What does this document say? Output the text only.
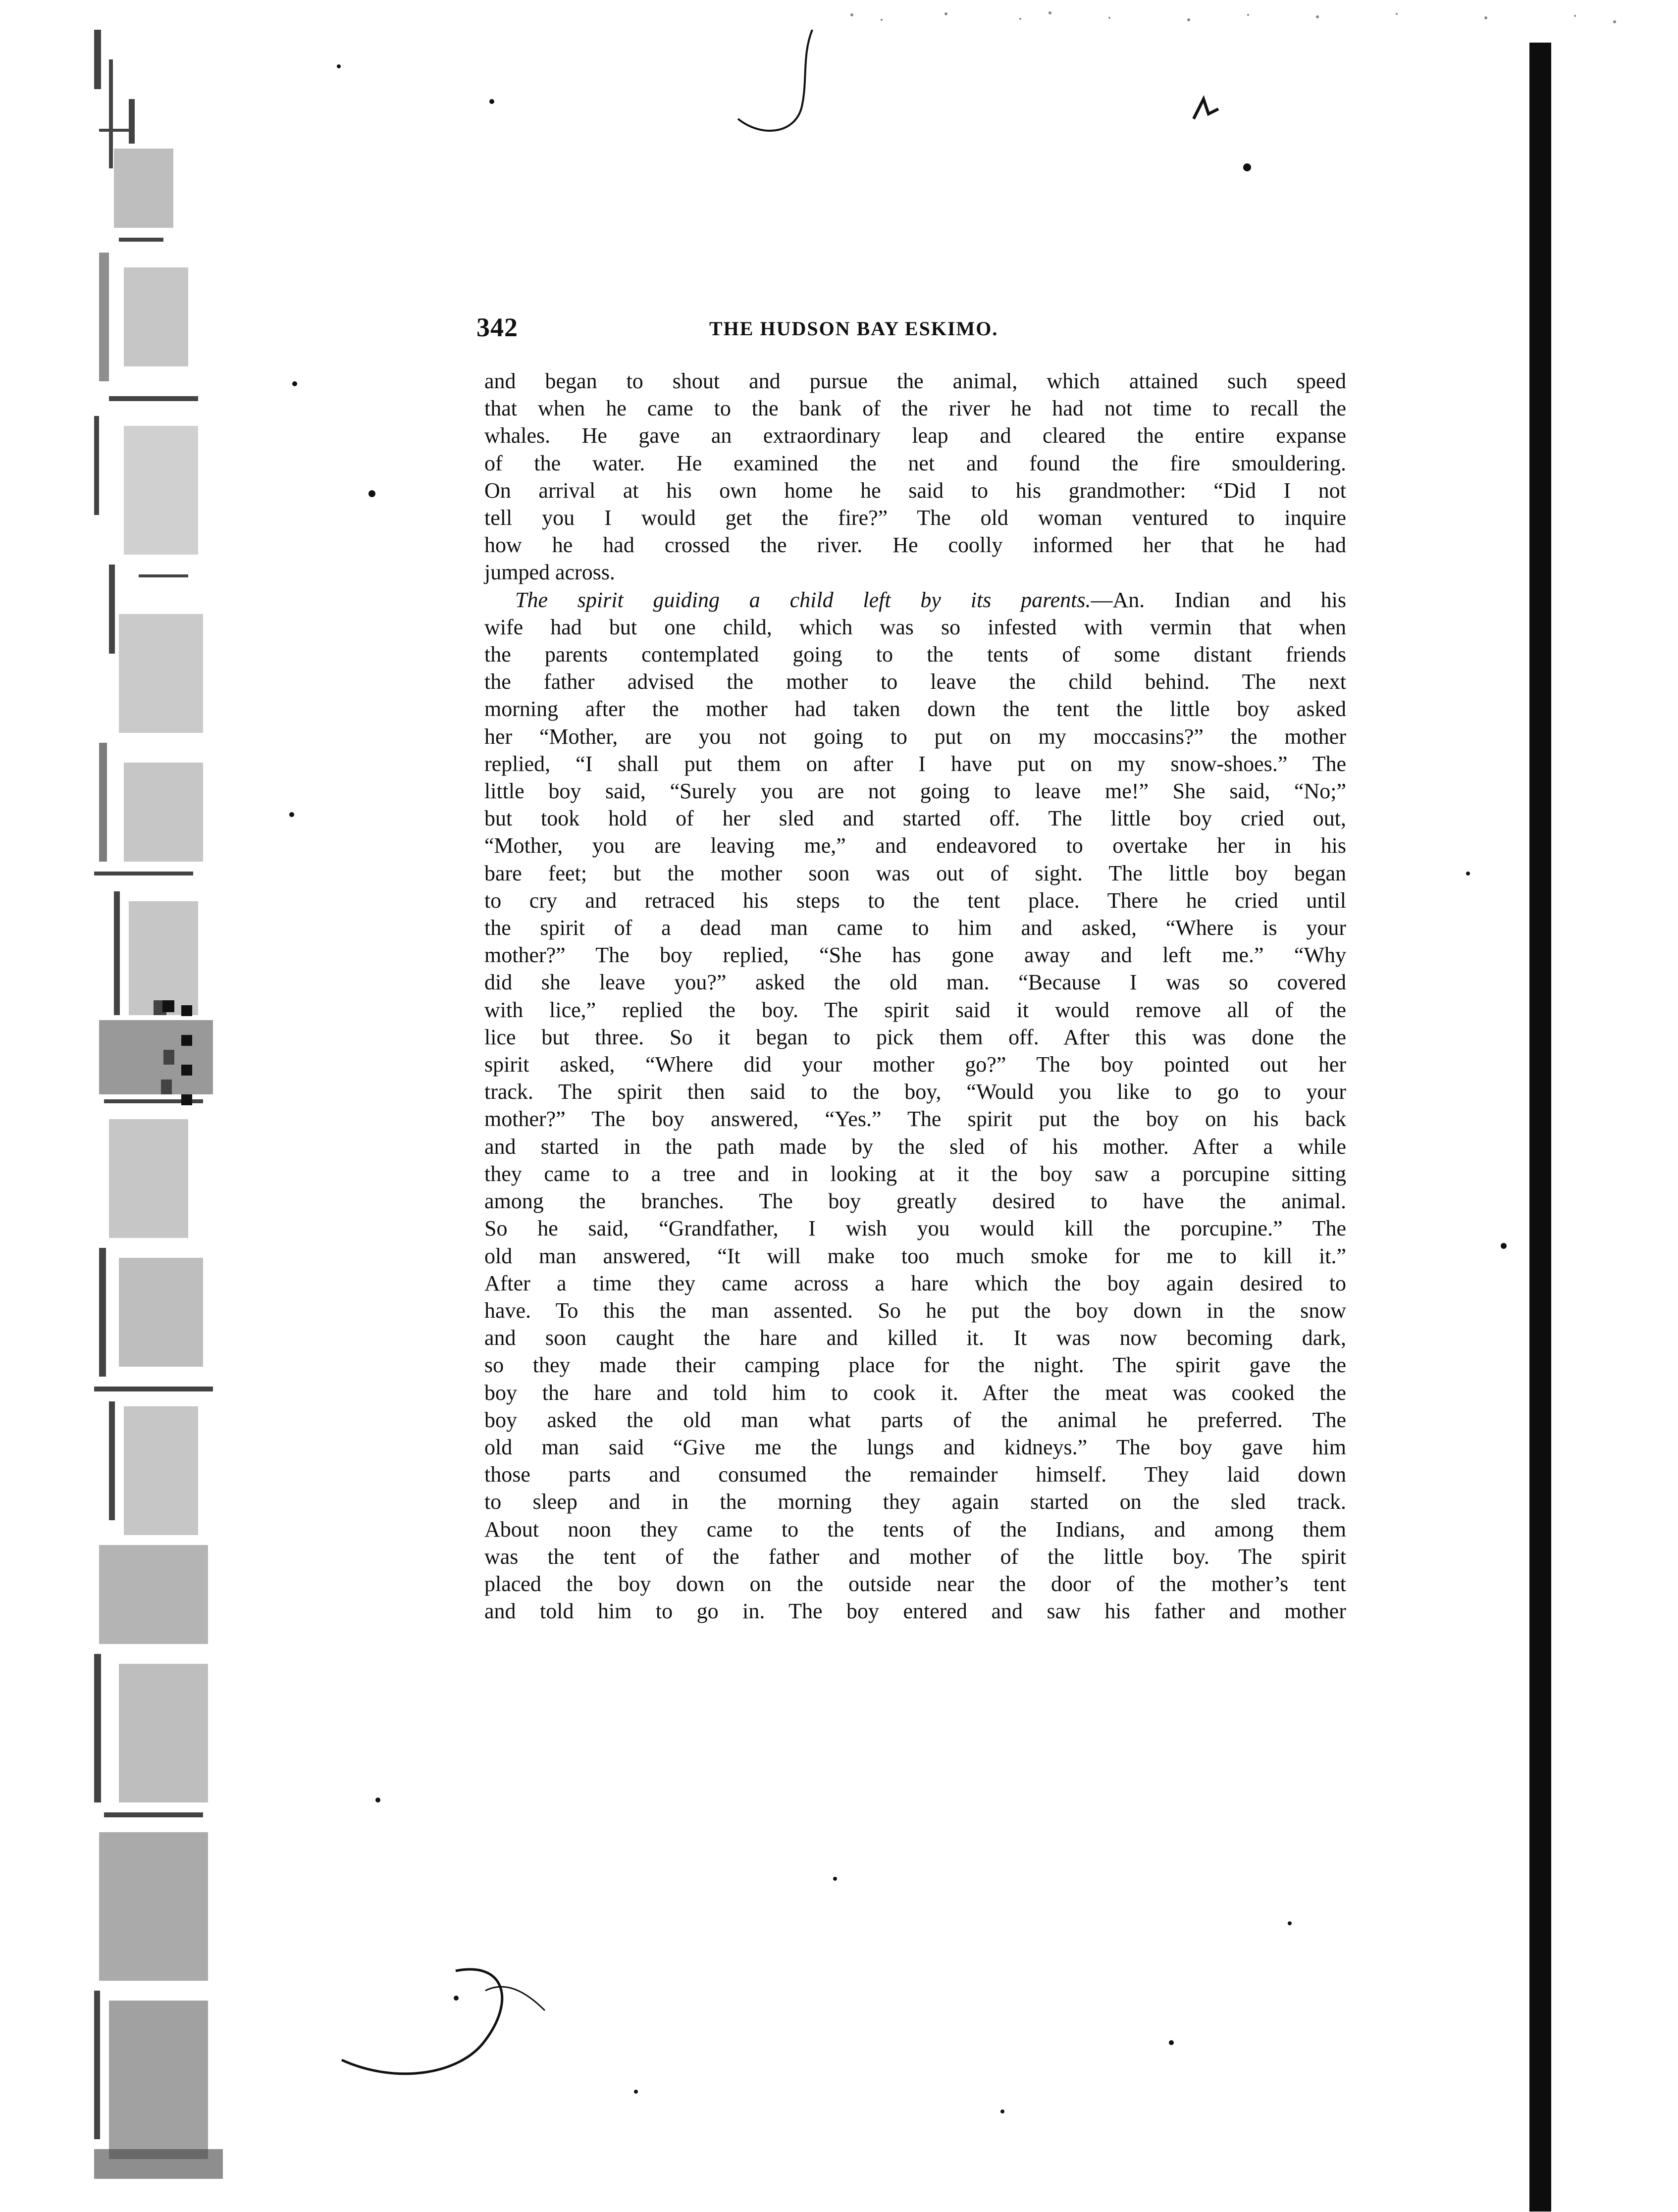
342	THE HUDSON BAY ESKIMO.
and began to shout and pursue the animal, which attained such speed
that when he came to the bank of the river he had not time to recall the
whales. He gave an extraordinary leap and cleared the entire expanse
of the water. He examined the net and found the fire smouldering.
On arrival at his own home he said to his grandmother: “Did I not
tell you I would get the fire?” The old woman ventured to inquire
how he had crossed the river. He coolly informed her that he had
jumped across.
The spirit guiding a child left by its parents.—An. Indian and his
wife had but one child, which was so infested with vermin that when
the parents contemplated going to the tents of some distant friends
the father advised the mother to leave the child behind. The next
morning after the mother had taken down the tent the little boy asked
her “Mother, are you not going to put on my moccasins?” the mother
replied, “I shall put them on after I have put on my snow-shoes.” The
little boy said, “Surely you are not going to leave me!” She said, “No;”
but took hold of her sled and started off. The little boy cried out,
“Mother, you are leaving me,” and endeavored to overtake her in his
bare feet; but the mother soon was out of sight. The little boy began
to cry and retraced his steps to the tent place. There he cried until
the spirit of a dead man came to him and asked, “Where is your
mother?” The boy replied, “She has gone away and left me.” “Why
did she leave you?” asked the old man. “Because I was so covered
with lice,” replied the boy. The spirit said it would remove all of the
lice but three. So it began to pick them off. After this was done the
spirit asked, “Where did your mother go?” The boy pointed out her
track. The spirit then said to the boy, “Would you like to go to your
mother?” The boy answered, “Yes.” The spirit put the boy on his back
and started in the path made by the sled of his mother. After a while
they came to a tree and in looking at it the boy saw a porcupine sitting
among the branches. The boy greatly desired to have the animal.
So he said, “Grandfather, I wish you would kill the porcupine.” The
old man answered, “It will make too much smoke for me to kill it.”
After a time they came across a hare which the boy again desired to
have. To this the man assented. So he put the boy down in the snow
and soon caught the hare and killed it. It was now becoming dark,
so they made their camping place for the night. The spirit gave the
boy the hare and told him to cook it. After the meat was cooked the
boy asked the old man what parts of the animal he preferred. The
old man said “Give me the lungs and kidneys.” The boy gave him
those parts and consumed the remainder himself. They laid down
to sleep and in the morning they again started on the sled track.
About noon they came to the tents of the Indians, and among them
was the tent of the father and mother of the little boy. The spirit
placed the boy down on the outside near the door of the mother’s tent
and told him to go in. The boy entered and saw his father and mother
